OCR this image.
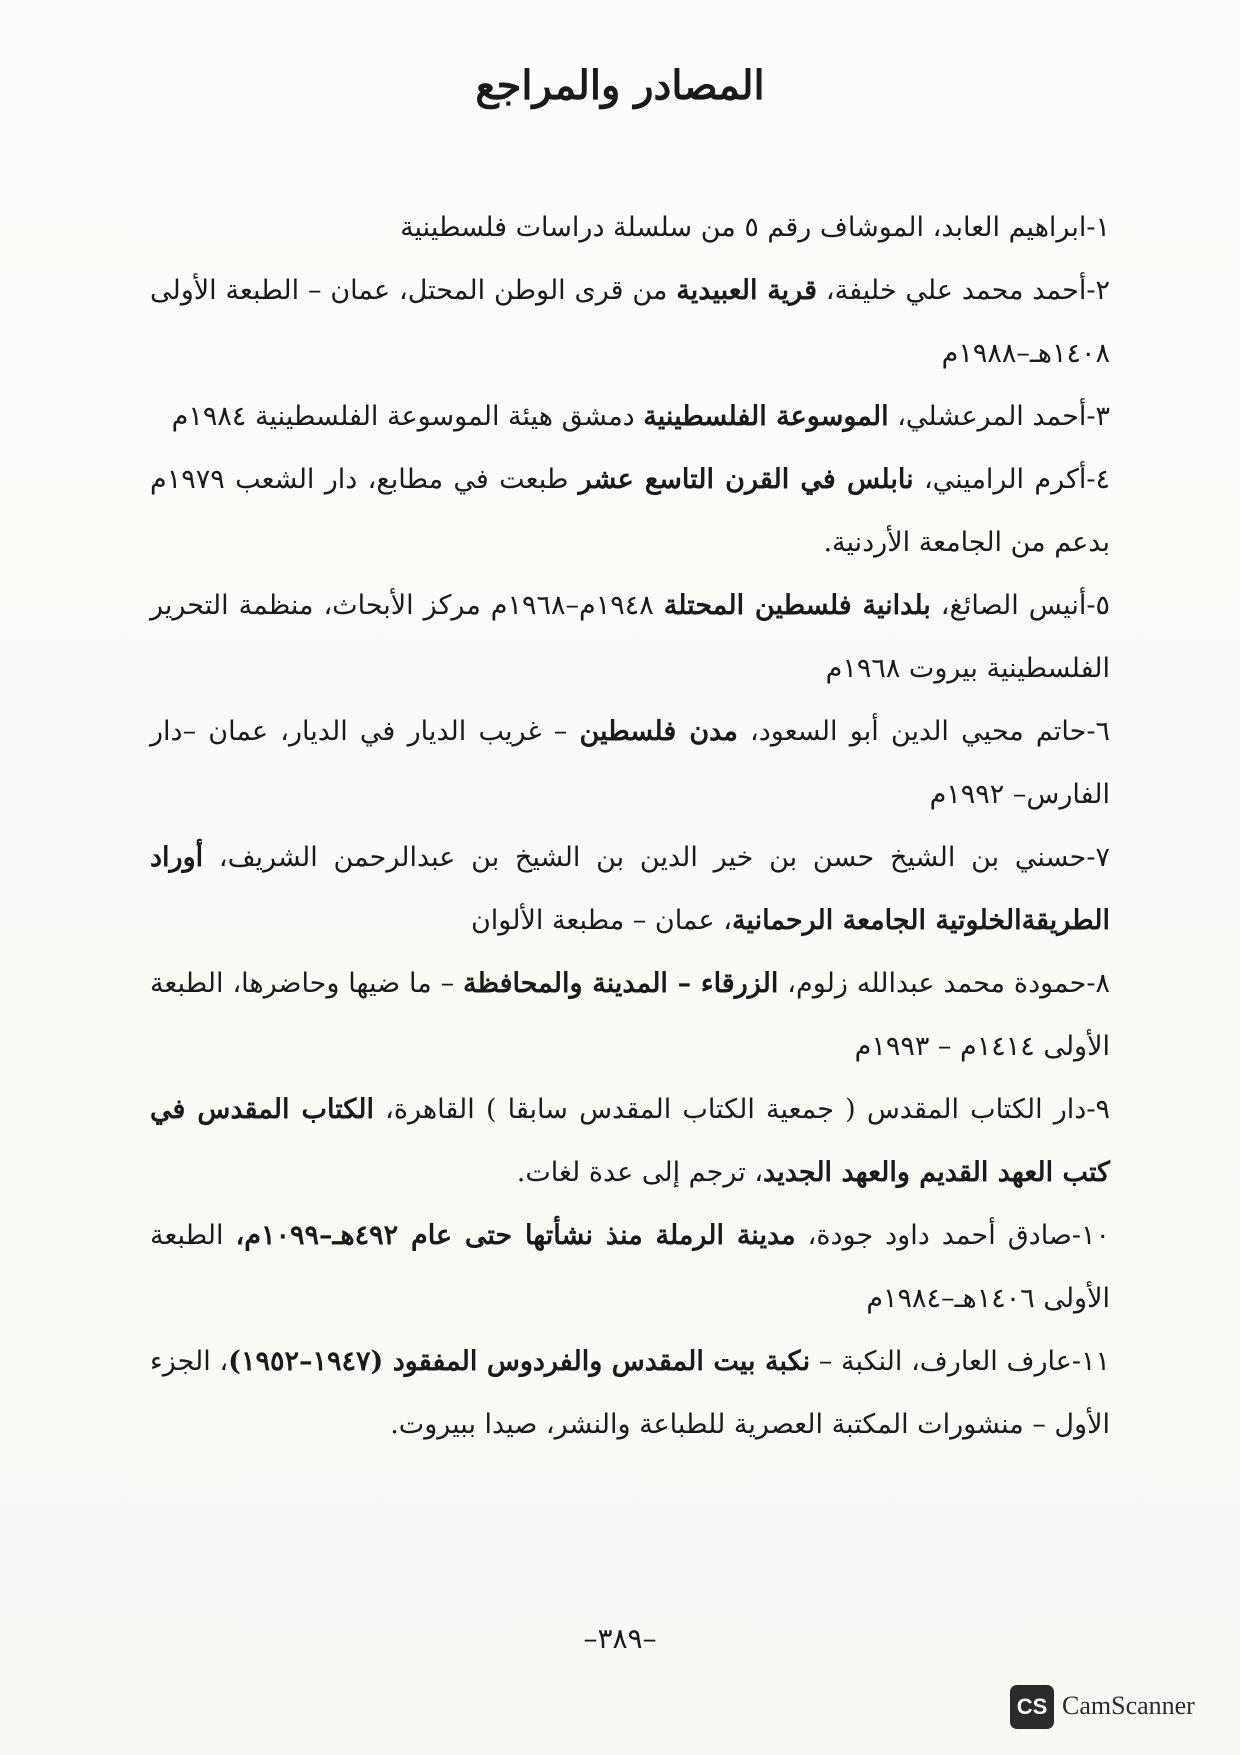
المصادر والمراجع

١-ابراهيم العابد، الموشاف رقم ٥ من سلسلة دراسات فلسطينية

٢-أحمد محمد علي خليفة، قرية العبيدية من قرى الوطن المحتل، عمان – الطبعة الأولى ١٤٠٨هـ–١٩٨٨م

٣-أحمد المرعشلي، الموسوعة الفلسطينية دمشق هيئة الموسوعة الفلسطينية ١٩٨٤م

٤-أكرم الراميني، نابلس في القرن التاسع عشر طبعت في مطابع، دار الشعب ١٩٧٩م بدعم من الجامعة الأردنية.

٥-أنيس الصائغ، بلدانية فلسطين المحتلة ١٩٤٨م–١٩٦٨م مركز الأبحاث، منظمة التحرير الفلسطينية بيروت ١٩٦٨م

٦-حاتم محيي الدين أبو السعود، مدن فلسطين – غريب الديار في الديار، عمان –دار الفارس– ١٩٩٢م

٧-حسني بن الشيخ حسن بن خير الدين بن الشيخ بن عبدالرحمن الشريف، أوراد الطريقةالخلوتية الجامعة الرحمانية، عمان – مطبعة الألوان

٨-حمودة محمد عبدالله زلوم، الزرقاء – المدينة والمحافظة – ما ضيها وحاضرها، الطبعة الأولى ١٤١٤م – ١٩٩٣م

٩-دار الكتاب المقدس ( جمعية الكتاب المقدس سابقا ) القاهرة، الكتاب المقدس في كتب العهد القديم والعهد الجديد، ترجم إلى عدة لغات.

١٠-صادق أحمد داود جودة، مدينة الرملة منذ نشأتها حتى عام ٤٩٢هـ–١٠٩٩م، الطبعة الأولى ١٤٠٦هـ–١٩٨٤م

١١-عارف العارف، النكبة – نكبة بيت المقدس والفردوس المفقود (١٩٤٧–١٩٥٢)، الجزء الأول – منشورات المكتبة العصرية للطباعة والنشر، صيدا ببيروت.

–٣٨٩–
CS CamScanner
